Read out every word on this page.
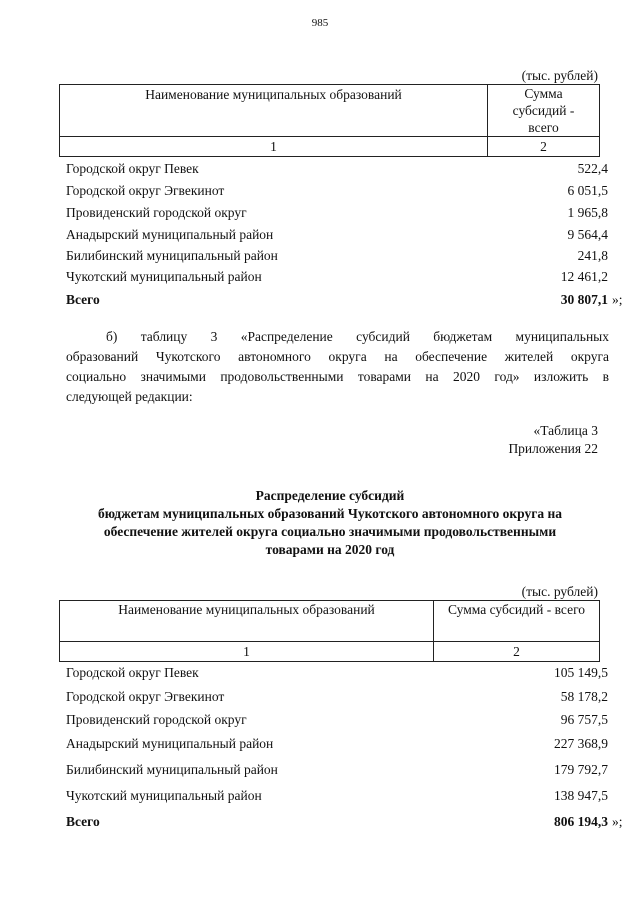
985
(тыс. рублей)
Наименование муниципальных образований	Сумма
субсидий -
всего

1	2
Городской округ Певек	522,4
Городской округ Эгвекинот	6 051,5
Провиденский городской округ	1 965,8
Анадырский муниципальный район	9 564,4
Билибинский муниципальный район	241,8
Чукотский муниципальный район	12 461,2
Всего	30 807,1 »;
б) таблицу 3 «Распределение субсидий бюджетам муниципальных
образований Чукотского автономного округа на обеспечение жителей округа
социально значимыми продовольственными товарами на 2020 год» изложить в
следующей редакции:
«Таблица 3
Приложения 22
Распределение субсидий
бюджетам муниципальных образований Чукотского автономного округа на
обеспечение жителей округа социально значимыми продовольственными
товарами на 2020 год
(тыс. рублей)
Наименование муниципальных образований	Сумма субсидий - всего

1	2
Городской округ Певек	105 149,5
Городской округ Эгвекинот	58 178,2
Провиденский городской округ	96 757,5
Анадырский муниципальный район	227 368,9
Билибинский муниципальный район	179 792,7
Чукотский муниципальный район	138 947,5
Всего	806 194,3 »;
